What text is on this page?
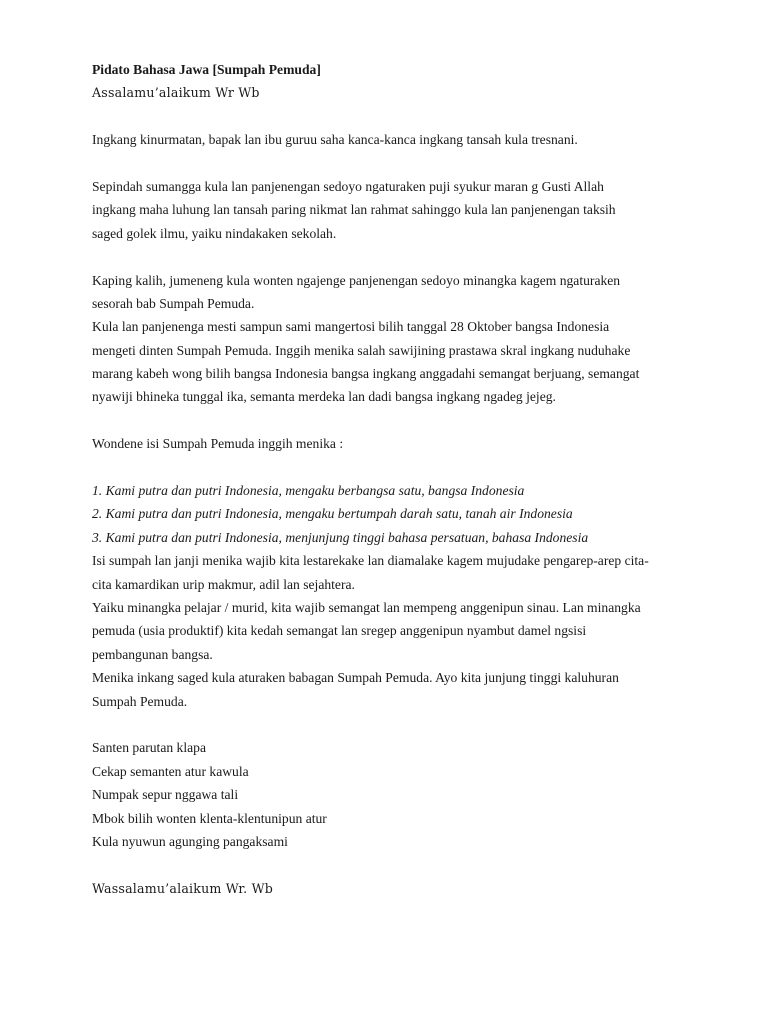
Pidato Bahasa Jawa [Sumpah Pemuda]
Assalamu’alaikum Wr Wb
Ingkang kinurmatan, bapak lan ibu guruu saha kanca-kanca ingkang tansah kula tresnani.
Sepindah sumangga kula lan panjenengan sedoyo ngaturaken puji syukur maran g Gusti Allah
ingkang maha luhung lan tansah paring nikmat lan rahmat sahinggo kula lan panjenengan taksih
saged golek ilmu, yaiku nindakaken sekolah.
Kaping kalih, jumeneng kula wonten ngajenge panjenengan sedoyo minangka kagem ngaturaken
sesorah bab Sumpah Pemuda.
Kula lan panjenenga mesti sampun sami mangertosi bilih tanggal 28 Oktober bangsa Indonesia
mengeti dinten Sumpah Pemuda. Inggih menika salah sawijining prastawa skral ingkang nuduhake
marang kabeh wong bilih bangsa Indonesia bangsa ingkang anggadahi semangat berjuang, semangat
nyawiji bhineka tunggal ika, semanta merdeka lan dadi bangsa ingkang ngadeg jejeg.
Wondene isi Sumpah Pemuda inggih menika :
1. Kami putra dan putri Indonesia, mengaku berbangsa satu, bangsa Indonesia
2. Kami putra dan putri Indonesia, mengaku bertumpah darah satu, tanah air Indonesia
3. Kami putra dan putri Indonesia, menjunjung tinggi bahasa persatuan, bahasa Indonesia
Isi sumpah lan janji menika wajib kita lestarekake lan diamalake kagem mujudake pengarep-arep cita-
cita kamardikan urip makmur, adil lan sejahtera.
Yaiku minangka pelajar / murid, kita wajib semangat lan mempeng anggenipun sinau. Lan minangka
pemuda (usia produktif) kita kedah semangat lan sregep anggenipun nyambut damel ngsisi
pembangunan bangsa.
Menika inkang saged kula aturaken babagan Sumpah Pemuda. Ayo kita junjung tinggi kaluhuran
Sumpah Pemuda.
Santen parutan klapa
Cekap semanten atur kawula
Numpak sepur nggawa tali
Mbok bilih wonten klenta-klentunipun atur
Kula nyuwun agunging pangaksami
Wassalamu’alaikum Wr. Wb
